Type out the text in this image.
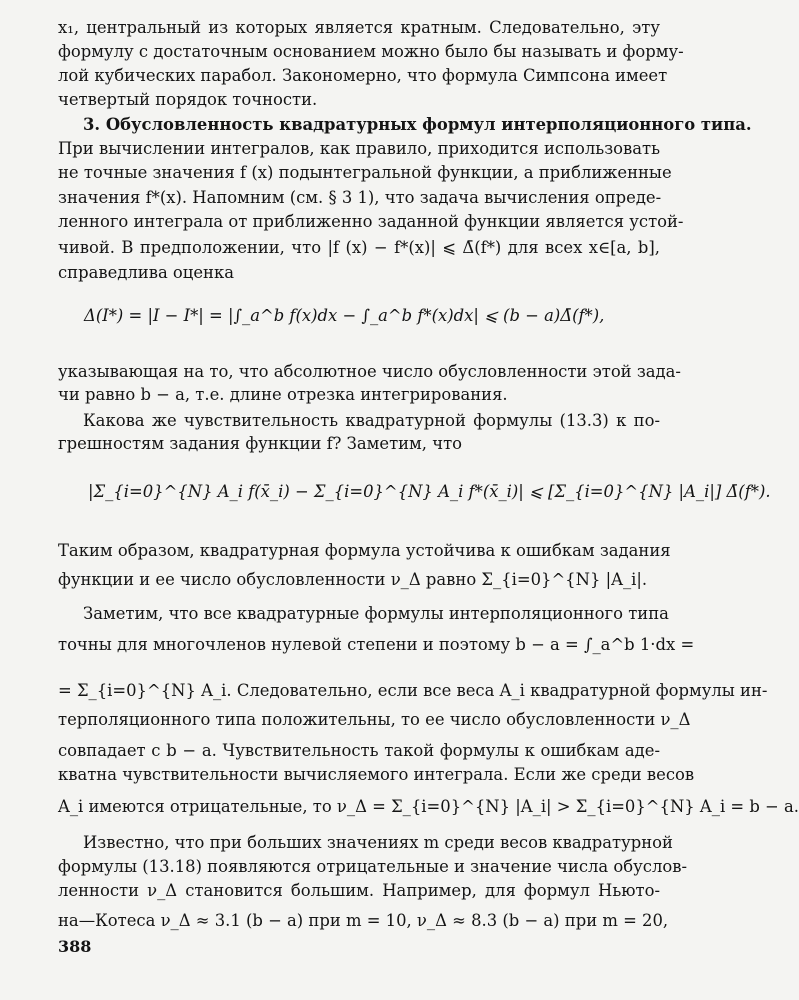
x₁, центральный из которых является кратным. Следовательно, эту
формулу с достаточным основанием можно было бы называть и форму-
лой кубических парабол. Закономерно, что формула Симпсона имеет
четвертый порядок точности.
3. Обусловленность квадратурных формул интерполяционного типа.
При вычислении интегралов, как правило, приходится использовать
не точные значения f (x) подынтегральной функции, а приближенные
значения f*(x). Напомним (см. § 3 1), что задача вычисления опреде-
ленного интеграла от приближенно заданной функции является устой-
чивой. В предположении, что |f (x) − f*(x)| ⩽ Δ̄(f*) для всех x∈[a, b],
справедлива оценка
Δ(I*) = |I − I*| = |∫_a^b f(x)dx − ∫_a^b f*(x)dx| ⩽ (b − a)Δ̄(f*),
указывающая на то, что абсолютное число обусловленности этой зада-
чи равно b − a, т.е. длине отрезка интегрирования.
Какова же чувствительность квадратурной формулы (13.3) к по-
грешностям задания функции f? Заметим, что
|Σ_{i=0}^{N} A_i f(x̄_i) − Σ_{i=0}^{N} A_i f*(x̄_i)| ⩽ [Σ_{i=0}^{N} |A_i|] Δ̄(f*).
Таким образом, квадратурная формула устойчива к ошибкам задания
функции и ее число обусловленности ν_Δ равно Σ_{i=0}^{N} |A_i|.
Заметим, что все квадратурные формулы интерполяционного типа
точны для многочленов нулевой степени и поэтому b − a = ∫_a^b 1·dx =
= Σ_{i=0}^{N} A_i. Следовательно, если все веса A_i квадратурной формулы ин-
терполяционного типа положительны, то ее число обусловленности ν_Δ
совпадает с b − a. Чувствительность такой формулы к ошибкам аде-
кватна чувствительности вычисляемого интеграла. Если же среди весов
A_i имеются отрицательные, то ν_Δ = Σ_{i=0}^{N} |A_i| > Σ_{i=0}^{N} A_i = b − a.
Известно, что при больших значениях m среди весов квадратурной
формулы (13.18) появляются отрицательные и значение числа обуслов-
ленности ν_Δ становится большим. Например, для формул Ньюто-
на—Котеса ν_Δ ≈ 3.1 (b − a) при m = 10, ν_Δ ≈ 8.3 (b − a) при m = 20,
388
